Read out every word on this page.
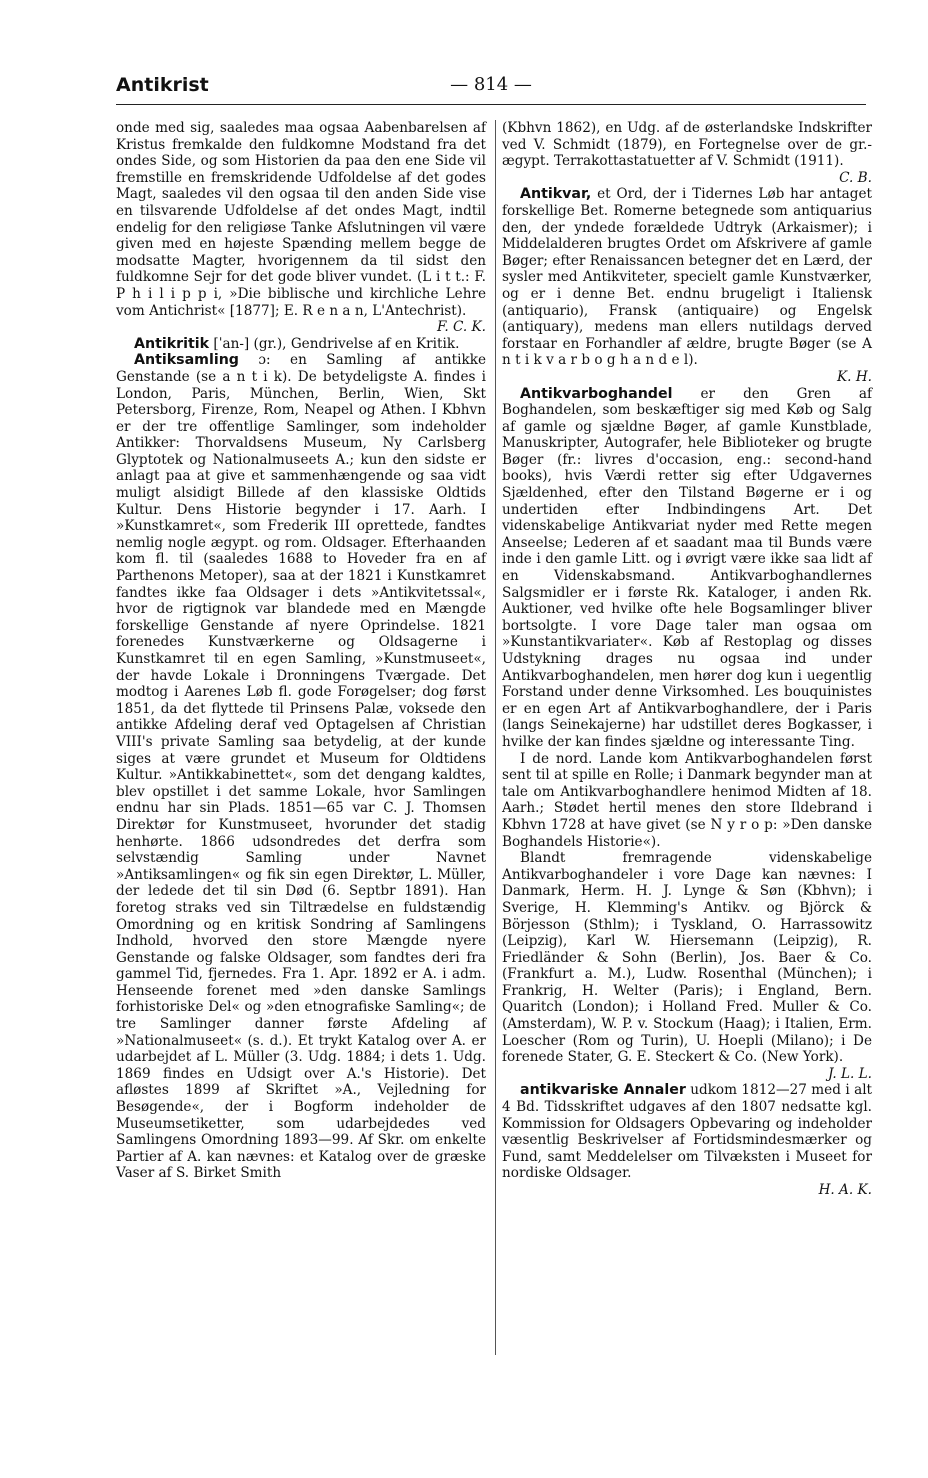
Antikrist	— 814 —

onde med sig, saaledes maa ogsaa Aabenbarelsen af Kristus fremkalde den fuldkomne Modstand fra det ondes Side, og som Historien da paa den ene Side vil fremstille en fremskridende Udfoldelse af det godes Magt, saaledes vil den ogsaa til den anden Side vise en tilsvarende Udfoldelse af det ondes Magt, indtil endelig for den religiøse Tanke Afslutningen vil være given med en højeste Spænding mellem begge de modsatte Magter, hvorigennem da til sidst den fuldkomne Sejr for det gode bliver vundet. (L i t t.: F. P h i l i p p i, »Die biblische und kirchliche Lehre vom Antichrist« [1877]; E. R e n a n, L'Antechrist).
F. C. K.

Antikritik [ˈan-] (gr.), Gendrivelse af en Kritik.

Antiksamling ɔ: en Samling af antikke Genstande (se a n t i k). De betydeligste A. findes i London, Paris, München, Berlin, Wien, Skt Petersborg, Firenze, Rom, Neapel og Athen. I Kbhvn er der tre offentlige Samlinger, som indeholder Antikker: Thorvaldsens Museum, Ny Carlsberg Glyptotek og Nationalmuseets A.; kun den sidste er anlagt paa at give et sammenhængende og saa vidt muligt alsidigt Billede af den klassiske Oldtids Kultur. Dens Historie begynder i 17. Aarh. I »Kunstkamret«, som Frederik III oprettede, fandtes nemlig nogle ægypt. og rom. Oldsager. Efterhaanden kom fl. til (saaledes 1688 to Hoveder fra en af Parthenons Metoper), saa at der 1821 i Kunstkamret fandtes ikke faa Oldsager i dets »Antikvitetssal«, hvor de rigtignok var blandede med en Mængde forskellige Genstande af nyere Oprindelse. 1821 forenedes Kunstværkerne og Oldsagerne i Kunstkamret til en egen Samling, »Kunstmuseet«, der havde Lokale i Dronningens Tværgade. Det modtog i Aarenes Løb fl. gode Forøgelser; dog først 1851, da det flyttede til Prinsens Palæ, voksede den antikke Afdeling deraf ved Optagelsen af Christian VIII's private Samling saa betydelig, at der kunde siges at være grundet et Museum for Oldtidens Kultur. »Antikkabinettet«, som det dengang kaldtes, blev opstillet i det samme Lokale, hvor Samlingen endnu har sin Plads. 1851—65 var C. J. Thomsen Direktør for Kunstmuseet, hvorunder det stadig henhørte. 1866 udsondredes det derfra som selvstændig Samling under Navnet »Antiksamlingen« og fik sin egen Direktør, L. Müller, der ledede det til sin Død (6. Septbr 1891). Han foretog straks ved sin Tiltrædelse en fuldstændig Omordning og en kritisk Sondring af Samlingens Indhold, hvorved den store Mængde nyere Genstande og falske Oldsager, som fandtes deri fra gammel Tid, fjernedes. Fra 1. Apr. 1892 er A. i adm. Henseende forenet med »den danske Samlings forhistoriske Del« og »den etnografiske Samling«; de tre Samlinger danner første Afdeling af »Nationalmuseet« (s. d.). Et trykt Katalog over A. er udarbejdet af L. Müller (3. Udg. 1884; i dets 1. Udg. 1869 findes en Udsigt over A.'s Historie). Det afløstes 1899 af Skriftet »A., Vejledning for Besøgende«, der i Bogform indeholder de Museumsetiketter, som udarbejdedes ved Samlingens Omordning 1893—99. Af Skr. om enkelte Partier af A. kan nævnes: et Katalog over de græske Vaser af S. Birket Smith

(Kbhvn 1862), en Udg. af de østerlandske Indskrifter ved V. Schmidt (1879), en Fortegnelse over de gr.-ægypt. Terrakottastatuetter af V. Schmidt (1911).
C. B.

Antikvar, et Ord, der i Tidernes Løb har antaget forskellige Bet. Romerne betegnede som antiquarius den, der yndede forældede Udtryk (Arkaismer); i Middelalderen brugtes Ordet om Afskrivere af gamle Bøger; efter Renaissancen betegner det en Lærd, der sysler med Antikviteter, specielt gamle Kunstværker, og er i denne Bet. endnu brugeligt i Italiensk (antiquario), Fransk (antiquaire) og Engelsk (antiquary), medens man ellers nutildags derved forstaar en Forhandler af ældre, brugte Bøger (se A n t i k v a r b o g h a n d e l).
K. H.

Antikvarboghandel er den Gren af Boghandelen, som beskæftiger sig med Køb og Salg af gamle og sjældne Bøger, af gamle Kunstblade, Manuskripter, Autografer, hele Biblioteker og brugte Bøger (fr.: livres d'occasion, eng.: second-hand books), hvis Værdi retter sig efter Udgavernes Sjældenhed, efter den Tilstand Bøgerne er i og undertiden efter Indbindingens Art. Det videnskabelige Antikvariat nyder med Rette megen Anseelse; Lederen af et saadant maa til Bunds være inde i den gamle Litt. og i øvrigt være ikke saa lidt af en Videnskabsmand. Antikvarboghandlernes Salgsmidler er i første Rk. Kataloger, i anden Rk. Auktioner, ved hvilke ofte hele Bogsamlinger bliver bortsolgte. I vore Dage taler man ogsaa om »Kunstantikvariater«. Køb af Restoplag og disses Udstykning drages nu ogsaa ind under Antikvarboghandelen, men hører dog kun i uegentlig Forstand under denne Virksomhed. Les bouquinistes er en egen Art af Antikvarboghandlere, der i Paris (langs Seinekajerne) har udstillet deres Bogkasser, i hvilke der kan findes sjældne og interessante Ting.

I de nord. Lande kom Antikvarboghandelen først sent til at spille en Rolle; i Danmark begynder man at tale om Antikvarboghandlere henimod Midten af 18. Aarh.; Stødet hertil menes den store Ildebrand i Kbhvn 1728 at have givet (se N y r o p: »Den danske Boghandels Historie«).

Blandt fremragende videnskabelige Antikvarboghandeler i vore Dage kan nævnes: I Danmark, Herm. H. J. Lynge & Søn (Kbhvn); i Sverige, H. Klemming's Antikv. og Björck & Börjesson (Sthlm); i Tyskland, O. Harrassowitz (Leipzig), Karl W. Hiersemann (Leipzig), R. Friedländer & Sohn (Berlin), Jos. Baer & Co. (Frankfurt a. M.), Ludw. Rosenthal (München); i Frankrig, H. Welter (Paris); i England, Bern. Quaritch (London); i Holland Fred. Muller & Co. (Amsterdam), W. P. v. Stockum (Haag); i Italien, Erm. Loescher (Rom og Turin), U. Hoepli (Milano); i De forenede Stater, G. E. Steckert & Co. (New York).
J. L. L.

antikvariske Annaler udkom 1812—27 med i alt 4 Bd. Tidsskriftet udgaves af den 1807 nedsatte kgl. Kommission for Oldsagers Opbevaring og indeholder væsentlig Beskrivelser af Fortidsmindesmærker og Fund, samt Meddelelser om Tilvæksten i Museet for nordiske Oldsager.
H. A. K.
